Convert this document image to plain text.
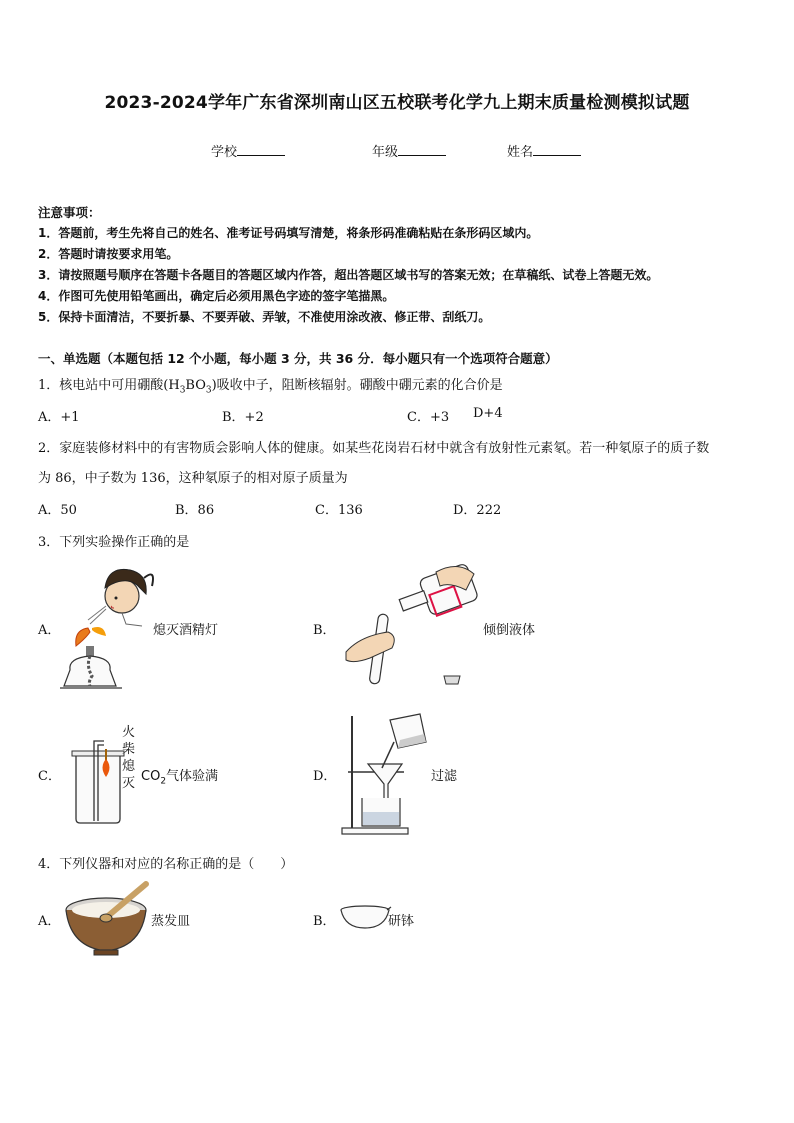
2023-2024学年广东省深圳南山区五校联考化学九上期末质量检测模拟试题
学校	年级	姓名
注意事项：
1．答题前，考生先将自己的姓名、准考证号码填写清楚，将条形码准确粘贴在条形码区域内。
2．答题时请按要求用笔。
3．请按照题号顺序在答题卡各题目的答题区域内作答，超出答题区域书写的答案无效；在草稿纸、试卷上答题无效。
4．作图可先使用铅笔画出，确定后必须用黑色字迹的签字笔描黑。
5．保持卡面清洁，不要折暴、不要弄破、弄皱，不准使用涂改液、修正带、刮纸刀。
一、单选题（本题包括 12 个小题，每小题 3 分，共 36 分．每小题只有一个选项符合题意）
1．核电站中可用硼酸$(H_3BO_3)$吸收中子，阻断核辐射。硼酸中硼元素的化合价是
A．+1	B．+2	C．+3 D+4
2．家庭装修材料中的有害物质会影响人体的健康。如某些花岗岩石材中就含有放射性元素氡。若一种氡原子的质子数
为 86，中子数为 136，这种氡原子的相对原子质量为
A．50	B．86	C．136	D．222
3．下列实验操作正确的是
A．	熄灭酒精灯	B．	倾倒液体
C．
火
柴
熄
灭 $CO_2$气体验满	D．	过滤
4．下列仪器和对应的名称正确的是（　　）
A．	蒸发皿	B．	研钵
